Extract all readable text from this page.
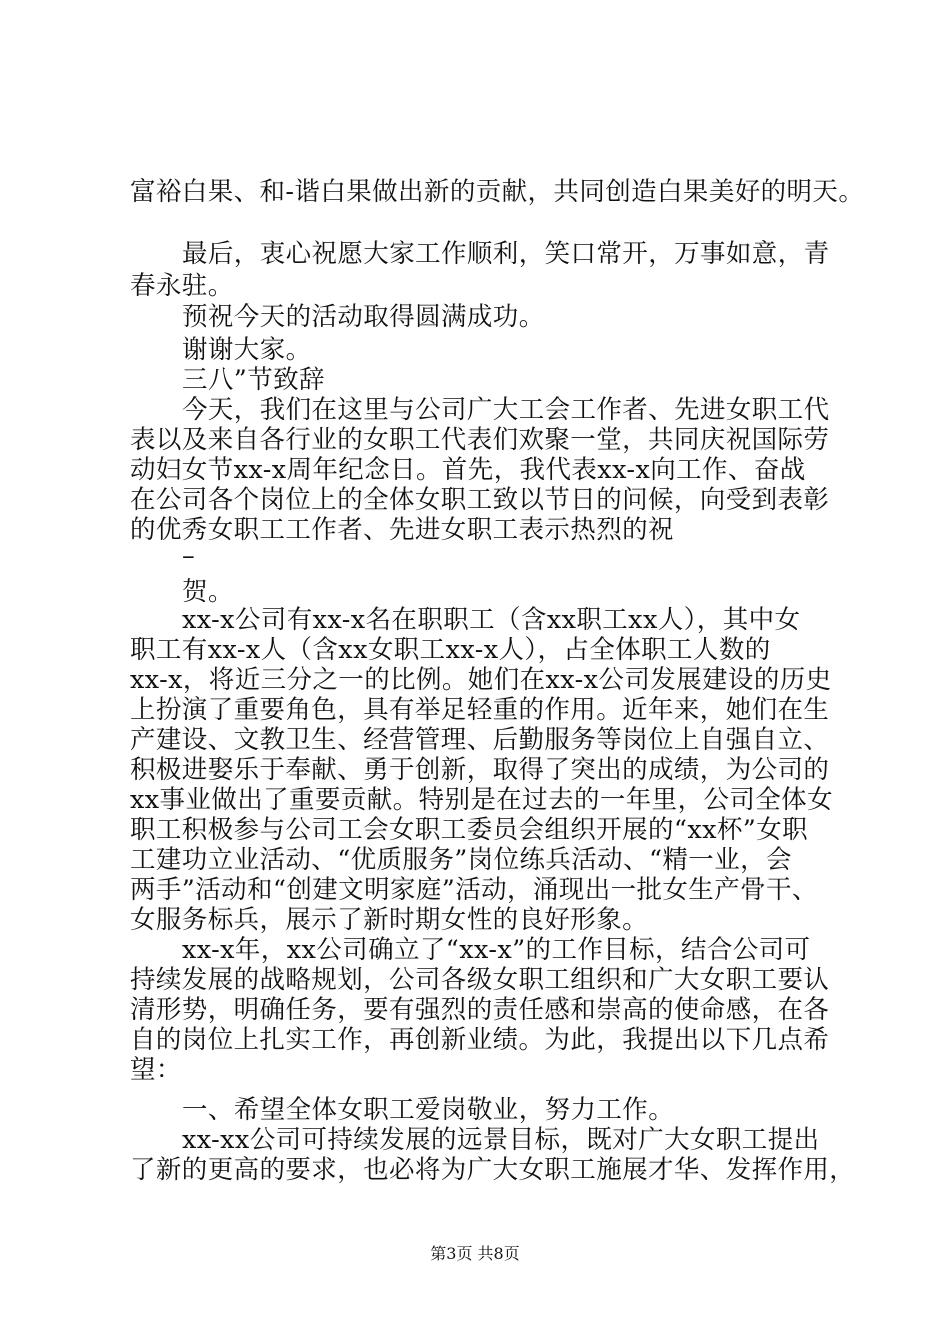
富裕白果、和-谐白果做出新的贡献，共同创造白果美好的明天。
最后，衷心祝愿大家工作顺利，笑口常开，万事如意，青
春永驻。
预祝今天的活动取得圆满成功。
谢谢大家。
三八”节致辞
今天，我们在这里与公司广大工会工作者、先进女职工代
表以及来自各行业的女职工代表们欢聚一堂，共同庆祝国际劳
动妇女节xx-x周年纪念日。首先，我代表xx-x向工作、奋战
在公司各个岗位上的全体女职工致以节日的问候，向受到表彰
的优秀女职工工作者、先进女职工表示热烈的祝
–
贺。
xx-x公司有xx-x名在职职工（含xx职工xx人），其中女
职工有xx-x人（含xx女职工xx-x人），占全体职工人数的
xx-x，将近三分之一的比例。她们在xx-x公司发展建设的历史
上扮演了重要角色，具有举足轻重的作用。近年来，她们在生
产建设、文教卫生、经营管理、后勤服务等岗位上自强自立、
积极进娶乐于奉献、勇于创新，取得了突出的成绩，为公司的
xx事业做出了重要贡献。特别是在过去的一年里，公司全体女
职工积极参与公司工会女职工委员会组织开展的“xx杯”女职
工建功立业活动、“优质服务”岗位练兵活动、“精一业，会
两手”活动和“创建文明家庭”活动，涌现出一批女生产骨干、
女服务标兵，展示了新时期女性的良好形象。
xx-x年，xx公司确立了“xx-x”的工作目标，结合公司可
持续发展的战略规划，公司各级女职工组织和广大女职工要认
清形势，明确任务，要有强烈的责任感和崇高的使命感，在各
自的岗位上扎实工作，再创新业绩。为此，我提出以下几点希
望：
一、希望全体女职工爱岗敬业，努力工作。
xx-xx公司可持续发展的远景目标，既对广大女职工提出
了新的更高的要求，也必将为广大女职工施展才华、发挥作用，
第3页 共8页
